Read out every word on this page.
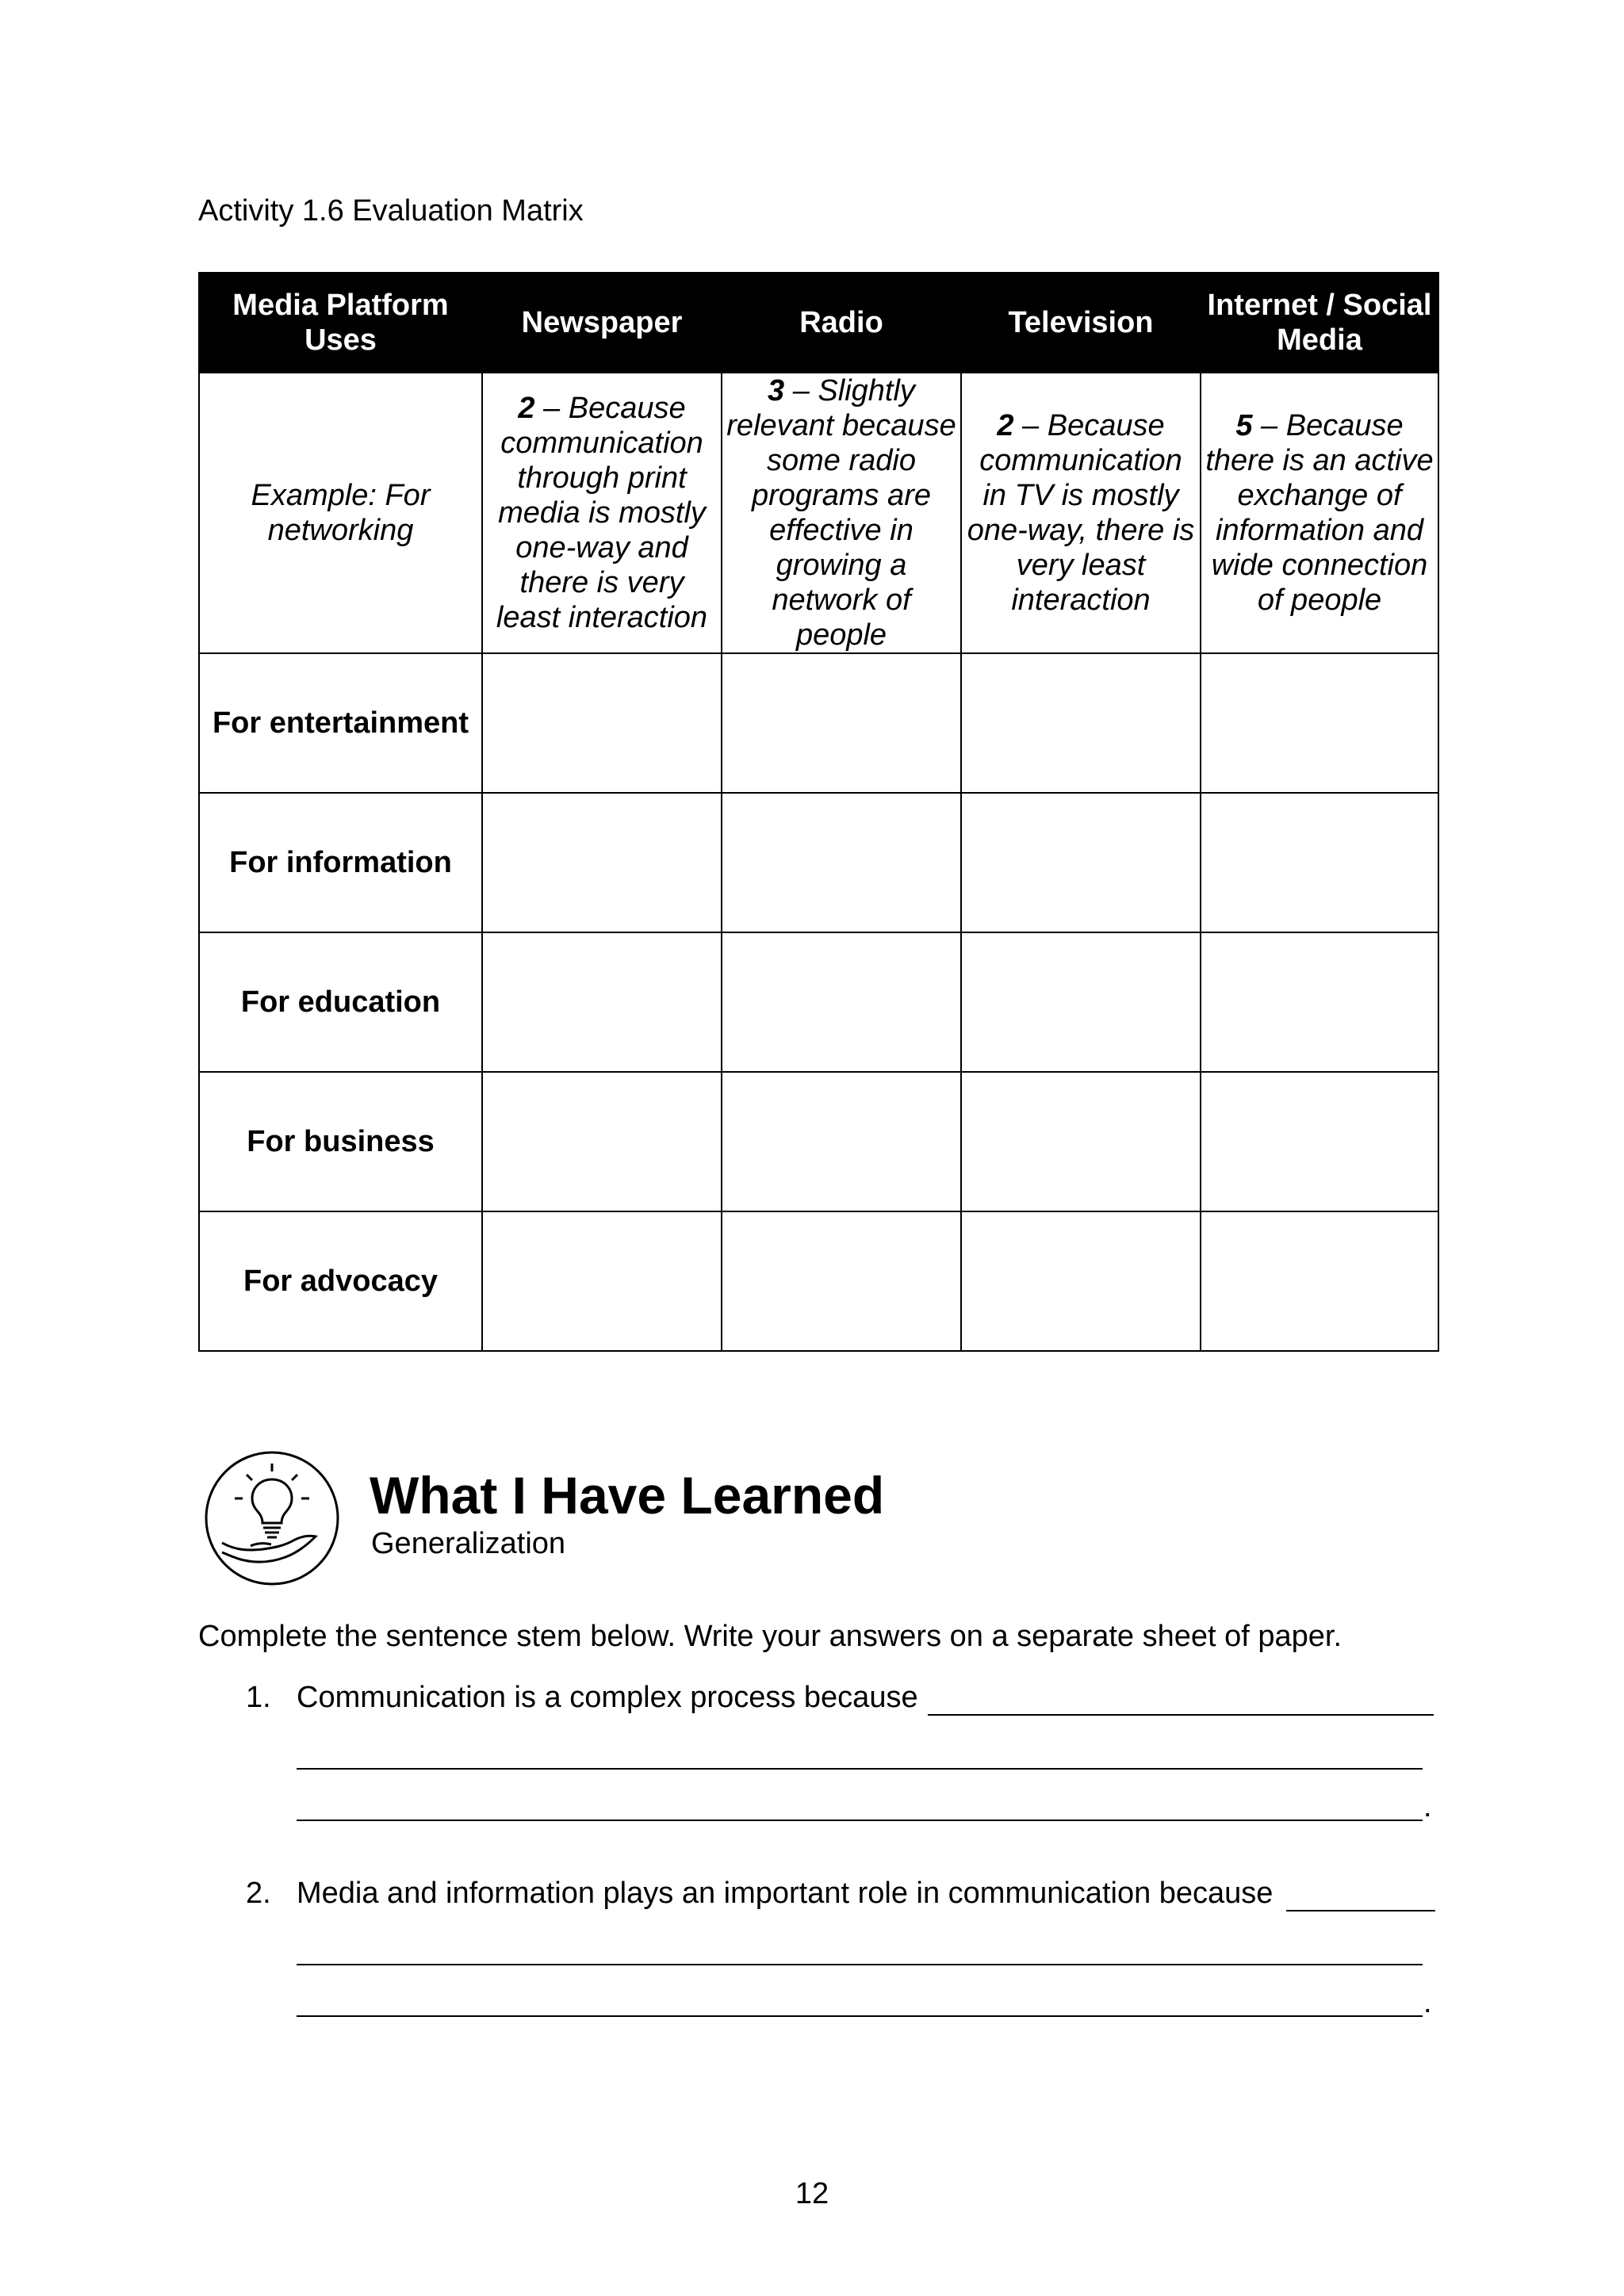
Activity 1.6 Evaluation Matrix
Media Platform Uses	Newspaper	Radio	Television	Internet / Social Media
Example: For networking	2 – Because communication through print media is mostly one-way and there is very least interaction	3 – Slightly relevant because some radio programs are effective in growing a network of people	2 – Because communication in TV is mostly one-way, there is very least interaction	5 – Because there is an active exchange of information and wide connection of people
For entertainment				
For information				
For education				
For business				
For advocacy				
What I Have Learned
Generalization
Complete the sentence stem below. Write your answers on a separate sheet of paper.
1. Communication is a complex process because
.
2. Media and information plays an important role in communication because
.
12
